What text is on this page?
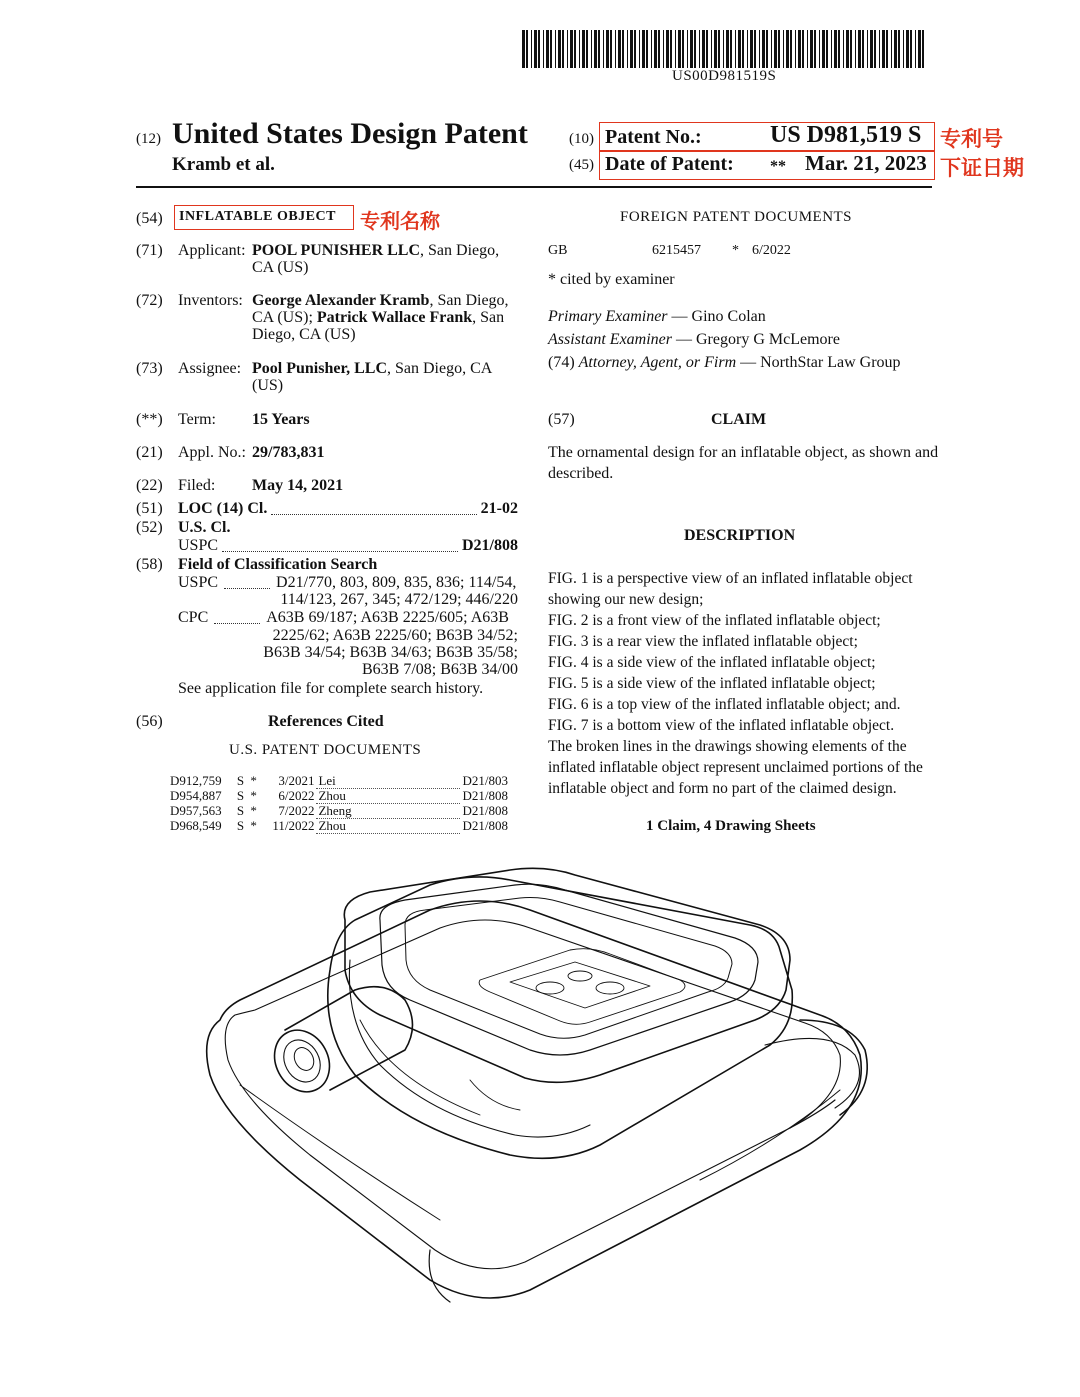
US00D981519S
(12) United States Design Patent
Kramb et al.
(10) Patent No.:	US D981,519 S 专利号
(45) Date of Patent: ** Mar. 21, 2023 下证日期
(54) INFLATABLE OBJECT 专利名称
(71) Applicant: POOL PUNISHER LLC, San Diego,
CA (US)
(72) Inventors: George Alexander Kramb, San Diego,
CA (US); Patrick Wallace Frank, San
Diego, CA (US)
(73) Assignee: Pool Punisher, LLC, San Diego, CA
(US)
(**) Term: 15 Years
(21) Appl. No.: 29/783,831
(22) Filed: May 14, 2021
(51) LOC (14) Cl.	21-02
(52) U.S. Cl.
USPC	D21/808
(58) Field of Classification Search
USPC	D21/770, 803, 809, 835, 836; 114/54,
114/123, 267, 345; 472/129; 446/220
CPC	A63B 69/187; A63B 2225/605; A63B
2225/62; A63B 2225/60; B63B 34/52;
B63B 34/54; B63B 34/63; B63B 35/58;
B63B 7/08; B63B 34/00
See application file for complete search history.
(56)	References Cited
U.S. PATENT DOCUMENTS
D912,759	S	*	3/2021	Lei	D21/803
D954,887	S	*	6/2022	Zhou	D21/808
D957,563	S	*	7/2022	Zheng	D21/808
D968,549	S	*	11/2022	Zhou	D21/808
FOREIGN PATENT DOCUMENTS
GB	6215457 * 6/2022
* cited by examiner
Primary Examiner — Gino Colan
Assistant Examiner — Gregory G McLemore
(74) Attorney, Agent, or Firm — NorthStar Law Group
(57)	CLAIM
The ornamental design for an inflatable object, as shown and
described.
DESCRIPTION
FIG. 1 is a perspective view of an inflated inflatable object
showing our new design;
FIG. 2 is a front view of the inflated inflatable object;
FIG. 3 is a rear view the inflated inflatable object;
FIG. 4 is a side view of the inflated inflatable object;
FIG. 5 is a side view of the inflated inflatable object;
FIG. 6 is a top view of the inflated inflatable object; and.
FIG. 7 is a bottom view of the inflated inflatable object.
The broken lines in the drawings showing elements of the
inflated inflatable object represent unclaimed portions of the
inflatable object and form no part of the claimed design.
1 Claim, 4 Drawing Sheets
